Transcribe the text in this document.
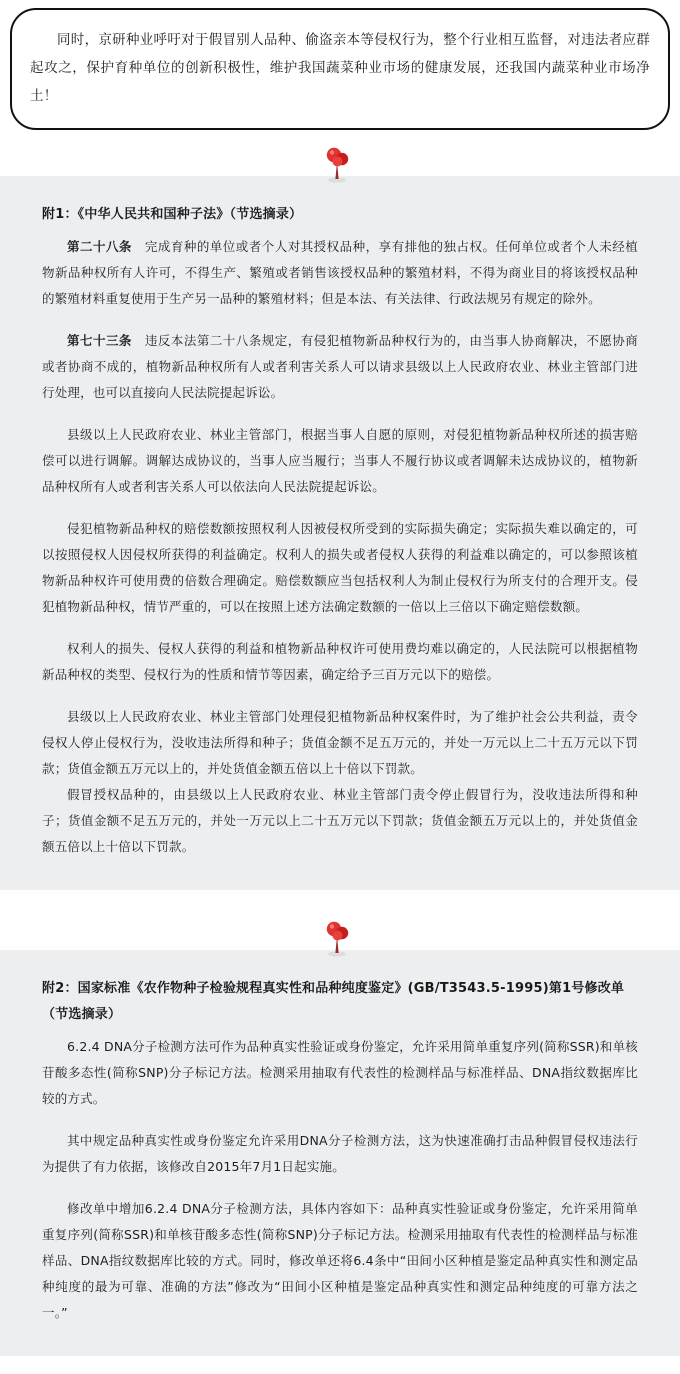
同时，京研种业呼吁对于假冒别人品种、偷盗亲本等侵权行为，整个行业相互监督，对违法者应群起攻之，保护育种单位的创新积极性，维护我国蔬菜种业市场的健康发展，还我国内蔬菜种业市场净土！

附1：《中华人民共和国种子法》（节选摘录）

第二十八条　完成育种的单位或者个人对其授权品种，享有排他的独占权。任何单位或者个人未经植物新品种权所有人许可，不得生产、繁殖或者销售该授权品种的繁殖材料，不得为商业目的将该授权品种的繁殖材料重复使用于生产另一品种的繁殖材料；但是本法、有关法律、行政法规另有规定的除外。

第七十三条　违反本法第二十八条规定，有侵犯植物新品种权行为的，由当事人协商解决，不愿协商或者协商不成的，植物新品种权所有人或者利害关系人可以请求县级以上人民政府农业、林业主管部门进行处理，也可以直接向人民法院提起诉讼。

县级以上人民政府农业、林业主管部门，根据当事人自愿的原则，对侵犯植物新品种权所述的损害赔偿可以进行调解。调解达成协议的，当事人应当履行；当事人不履行协议或者调解未达成协议的，植物新品种权所有人或者利害关系人可以依法向人民法院提起诉讼。

侵犯植物新品种权的赔偿数额按照权利人因被侵权所受到的实际损失确定；实际损失难以确定的，可以按照侵权人因侵权所获得的利益确定。权利人的损失或者侵权人获得的利益难以确定的，可以参照该植物新品种权许可使用费的倍数合理确定。赔偿数额应当包括权利人为制止侵权行为所支付的合理开支。侵犯植物新品种权，情节严重的，可以在按照上述方法确定数额的一倍以上三倍以下确定赔偿数额。

权利人的损失、侵权人获得的利益和植物新品种权许可使用费均难以确定的，人民法院可以根据植物新品种权的类型、侵权行为的性质和情节等因素，确定给予三百万元以下的赔偿。

县级以上人民政府农业、林业主管部门处理侵犯植物新品种权案件时，为了维护社会公共利益，责令侵权人停止侵权行为，没收违法所得和种子；货值金额不足五万元的，并处一万元以上二十五万元以下罚款；货值金额五万元以上的，并处货值金额五倍以上十倍以下罚款。

假冒授权品种的，由县级以上人民政府农业、林业主管部门责令停止假冒行为，没收违法所得和种子；货值金额不足五万元的，并处一万元以上二十五万元以下罚款；货值金额五万元以上的，并处货值金额五倍以上十倍以下罚款。

附2：国家标准《农作物种子检验规程真实性和品种纯度鉴定》(GB/T3543.5-1995)第1号修改单（节选摘录）

6.2.4 DNA分子检测方法可作为品种真实性验证或身份鉴定，允许采用简单重复序列(简称SSR)和单核苷酸多态性(简称SNP)分子标记方法。检测采用抽取有代表性的检测样品与标准样品、DNA指纹数据库比较的方式。

其中规定品种真实性或身份鉴定允许采用DNA分子检测方法，这为快速准确打击品种假冒侵权违法行为提供了有力依据，该修改自2015年7月1日起实施。

修改单中增加6.2.4 DNA分子检测方法，具体内容如下：品种真实性验证或身份鉴定，允许采用简单重复序列(简称SSR)和单核苷酸多态性(简称SNP)分子标记方法。检测采用抽取有代表性的检测样品与标准样品、DNA指纹数据库比较的方式。同时，修改单还将6.4条中“田间小区种植是鉴定品种真实性和测定品种纯度的最为可靠、准确的方法”修改为“田间小区种植是鉴定品种真实性和测定品种纯度的可靠方法之一。”
